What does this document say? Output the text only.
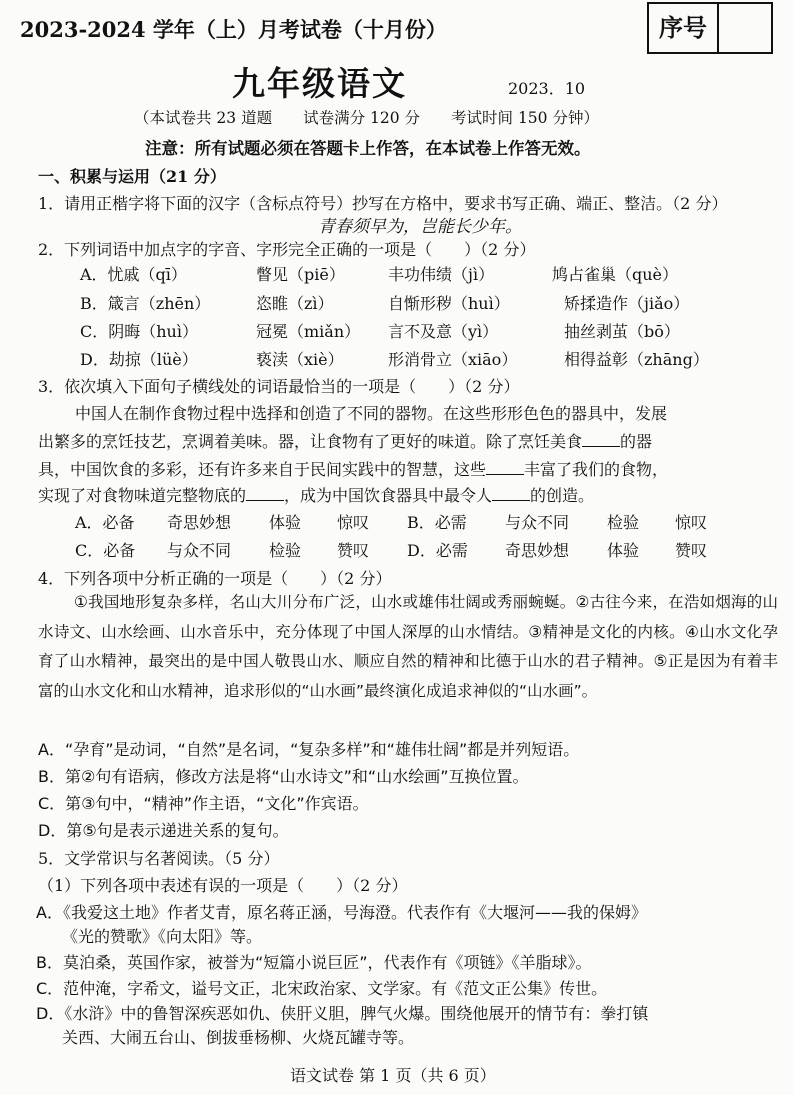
2023-2024 学年（上）月考试卷（十月份）	序号
九年级语文	2023．10
（本试卷共 23 道题　　试卷满分 120 分　　考试时间 150 分钟）
注意：所有试题必须在答题卡上作答，在本试卷上作答无效。
一、积累与运用（21 分）
1．请用正楷字将下面的汉字（含标点符号）抄写在方格中，要求书写正确、端正、整洁。（2 分）
青春须早为，岂能长少年。
2．下列词语中加点字的字音、字形完全正确的一项是（　　）（2 分）
A．忧戚（qī）	瞥见（piē）	丰功伟绩（jì）	鸠占雀巢（què）
B．箴言（zhēn）	恣睢（zì）	自惭形秽（huì）	矫揉造作（jiǎo）
C．阴晦（huì）	冠冕（miǎn） 言不及意（yì）	抽丝剥茧（bō）
D．劫掠（lüè）	亵渎（xiè）	形消骨立（xiāo）	相得益彰（zhāng）
3．依次填入下面句子横线处的词语最恰当的一项是（　　）（2 分）
中国人在制作食物过程中选择和创造了不同的器物。在这些形形色色的器具中，发展
出繁多的烹饪技艺，烹调着美味。器，让食物有了更好的味道。除了烹饪美食 的器
具，中国饮食的多彩，还有许多来自于民间实践中的智慧，这些 丰富了我们的食物，
实现了对食物味道完整物底的 ，成为中国饮食器具中最令人 的创造。
A．必备 奇思妙想 体验 惊叹 B．必需 与众不同 检验 惊叹
C．必备 与众不同 检验 赞叹 D．必需 奇思妙想 体验 赞叹
4．下列各项中分析正确的一项是（　　）（2 分）
①我国地形复杂多样，名山大川分布广泛，山水或雄伟壮阔或秀丽蜿蜒。②古往今来，在浩如烟海的山水诗文、山水绘画、山水音乐中，充分体现了中国人深厚的山水情结。③精神是文化的内核。④山水文化孕育了山水精神，最突出的是中国人敬畏山水、顺应自然的精神和比德于山水的君子精神。⑤正是因为有着丰富的山水文化和山水精神，追求形似的“山水画”最终演化成追求神似的“山水画”。
A．“孕育”是动词，“自然”是名词，“复杂多样”和“雄伟壮阔”都是并列短语。
B．第②句有语病，修改方法是将“山水诗文”和“山水绘画”互换位置。
C．第③句中，“精神”作主语，“文化”作宾语。
D．第⑤句是表示递进关系的复句。
5．文学常识与名著阅读。（5 分）
（1）下列各项中表述有误的一项是（　　）（2 分）
A．《我爱这土地》作者艾青，原名蒋正涵，号海澄。代表作有《大堰河——我的保姆》
《光的赞歌》《向太阳》等。
B．莫泊桑，英国作家，被誉为“短篇小说巨匠”，代表作有《项链》《羊脂球》。
C．范仲淹，字希文，谥号文正，北宋政治家、文学家。有《范文正公集》传世。
D．《水浒》中的鲁智深疾恶如仇、侠肝义胆，脾气火爆。围绕他展开的情节有：拳打镇
关西、大闹五台山、倒拔垂杨柳、火烧瓦罐寺等。
语文试卷 第 1 页（共 6 页）
